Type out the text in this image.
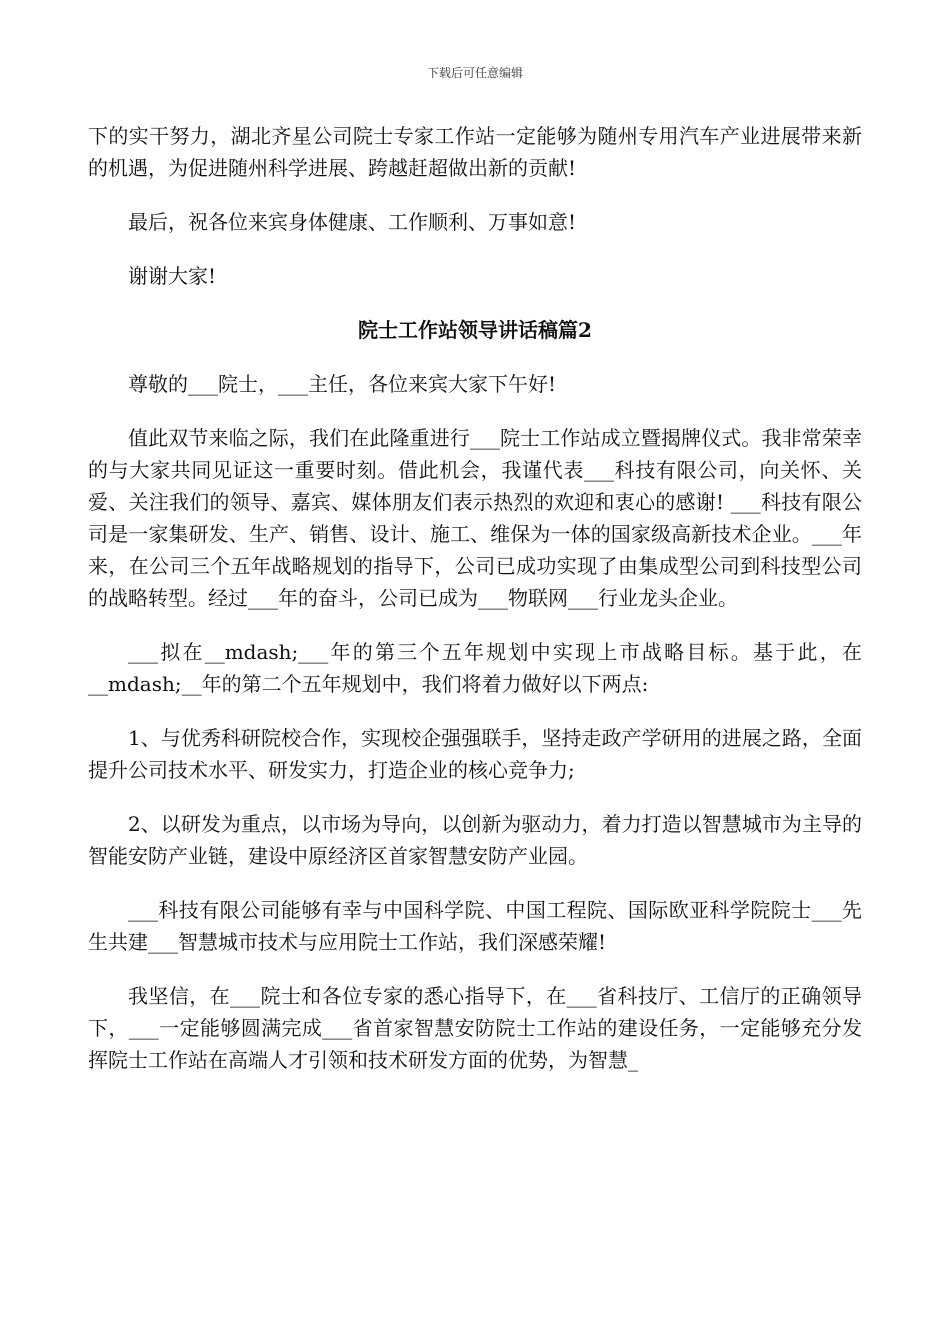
下载后可任意编辑

下的实干努力，湖北齐星公司院士专家工作站一定能够为随州专用汽车产业进展带来新的机遇，为促进随州科学进展、跨越赶超做出新的贡献!

最后，祝各位来宾身体健康、工作顺利、万事如意!

谢谢大家!

院士工作站领导讲话稿篇2

尊敬的___院士，___主任，各位来宾大家下午好!

值此双节来临之际，我们在此隆重进行___院士工作站成立暨揭牌仪式。我非常荣幸的与大家共同见证这一重要时刻。借此机会，我谨代表___科技有限公司，向关怀、关爱、关注我们的领导、嘉宾、媒体朋友们表示热烈的欢迎和衷心的感谢! ___科技有限公司是一家集研发、生产、销售、设计、施工、维保为一体的国家级高新技术企业。___年来，在公司三个五年战略规划的指导下，公司已成功实现了由集成型公司到科技型公司的战略转型。经过___年的奋斗，公司已成为___物联网___行业龙头企业。

___拟在__mdash;___年的第三个五年规划中实现上市战略目标。基于此，在__mdash;__年的第二个五年规划中，我们将着力做好以下两点:

1、与优秀科研院校合作，实现校企强强联手，坚持走政产学研用的进展之路，全面提升公司技术水平、研发实力，打造企业的核心竞争力;

2、以研发为重点，以市场为导向，以创新为驱动力，着力打造以智慧城市为主导的智能安防产业链，建设中原经济区首家智慧安防产业园。

___科技有限公司能够有幸与中国科学院、中国工程院、国际欧亚科学院院士___先生共建___智慧城市技术与应用院士工作站，我们深感荣耀!

我坚信，在___院士和各位专家的悉心指导下，在___省科技厅、工信厅的正确领导下，___一定能够圆满完成___省首家智慧安防院士工作站的建设任务，一定能够充分发挥院士工作站在高端人才引领和技术研发方面的优势，为智慧_
